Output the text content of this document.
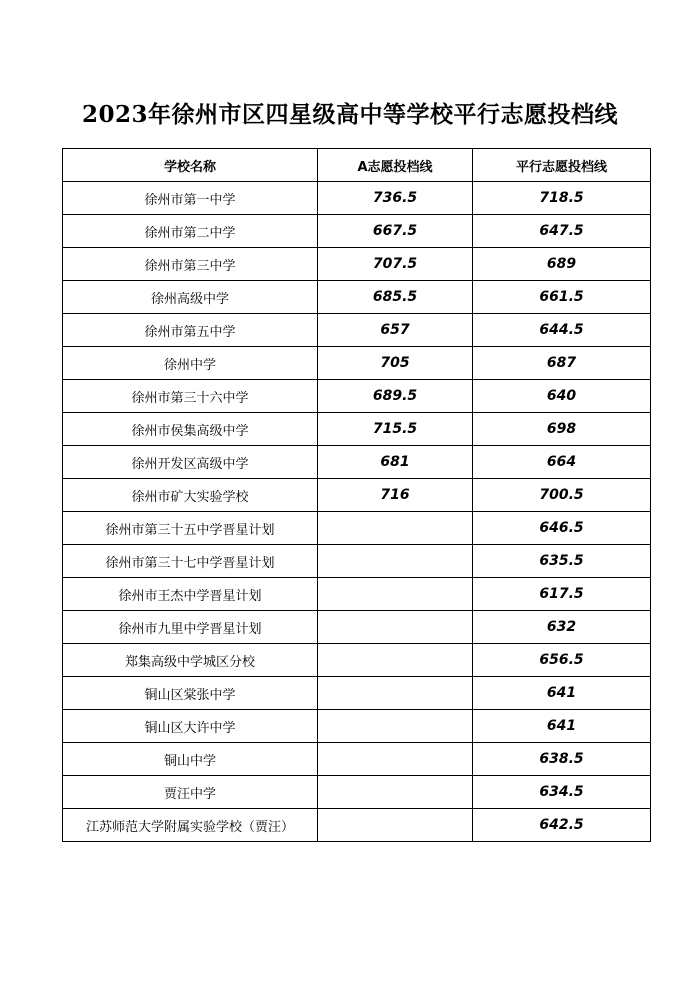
2023年徐州市区四星级高中等学校平行志愿投档线
学校名称	A志愿投档线	平行志愿投档线
徐州市第一中学	736.5	718.5
徐州市第二中学	667.5	647.5
徐州市第三中学	707.5	689
徐州高级中学	685.5	661.5
徐州市第五中学	657	644.5
徐州中学	705	687
徐州市第三十六中学	689.5	640
徐州市侯集高级中学	715.5	698
徐州开发区高级中学	681	664
徐州市矿大实验学校	716	700.5
徐州市第三十五中学晋星计划		646.5
徐州市第三十七中学晋星计划		635.5
徐州市王杰中学晋星计划		617.5
徐州市九里中学晋星计划		632
郑集高级中学城区分校		656.5
铜山区棠张中学		641
铜山区大许中学		641
铜山中学		638.5
贾汪中学		634.5
江苏师范大学附属实验学校（贾汪）		642.5
